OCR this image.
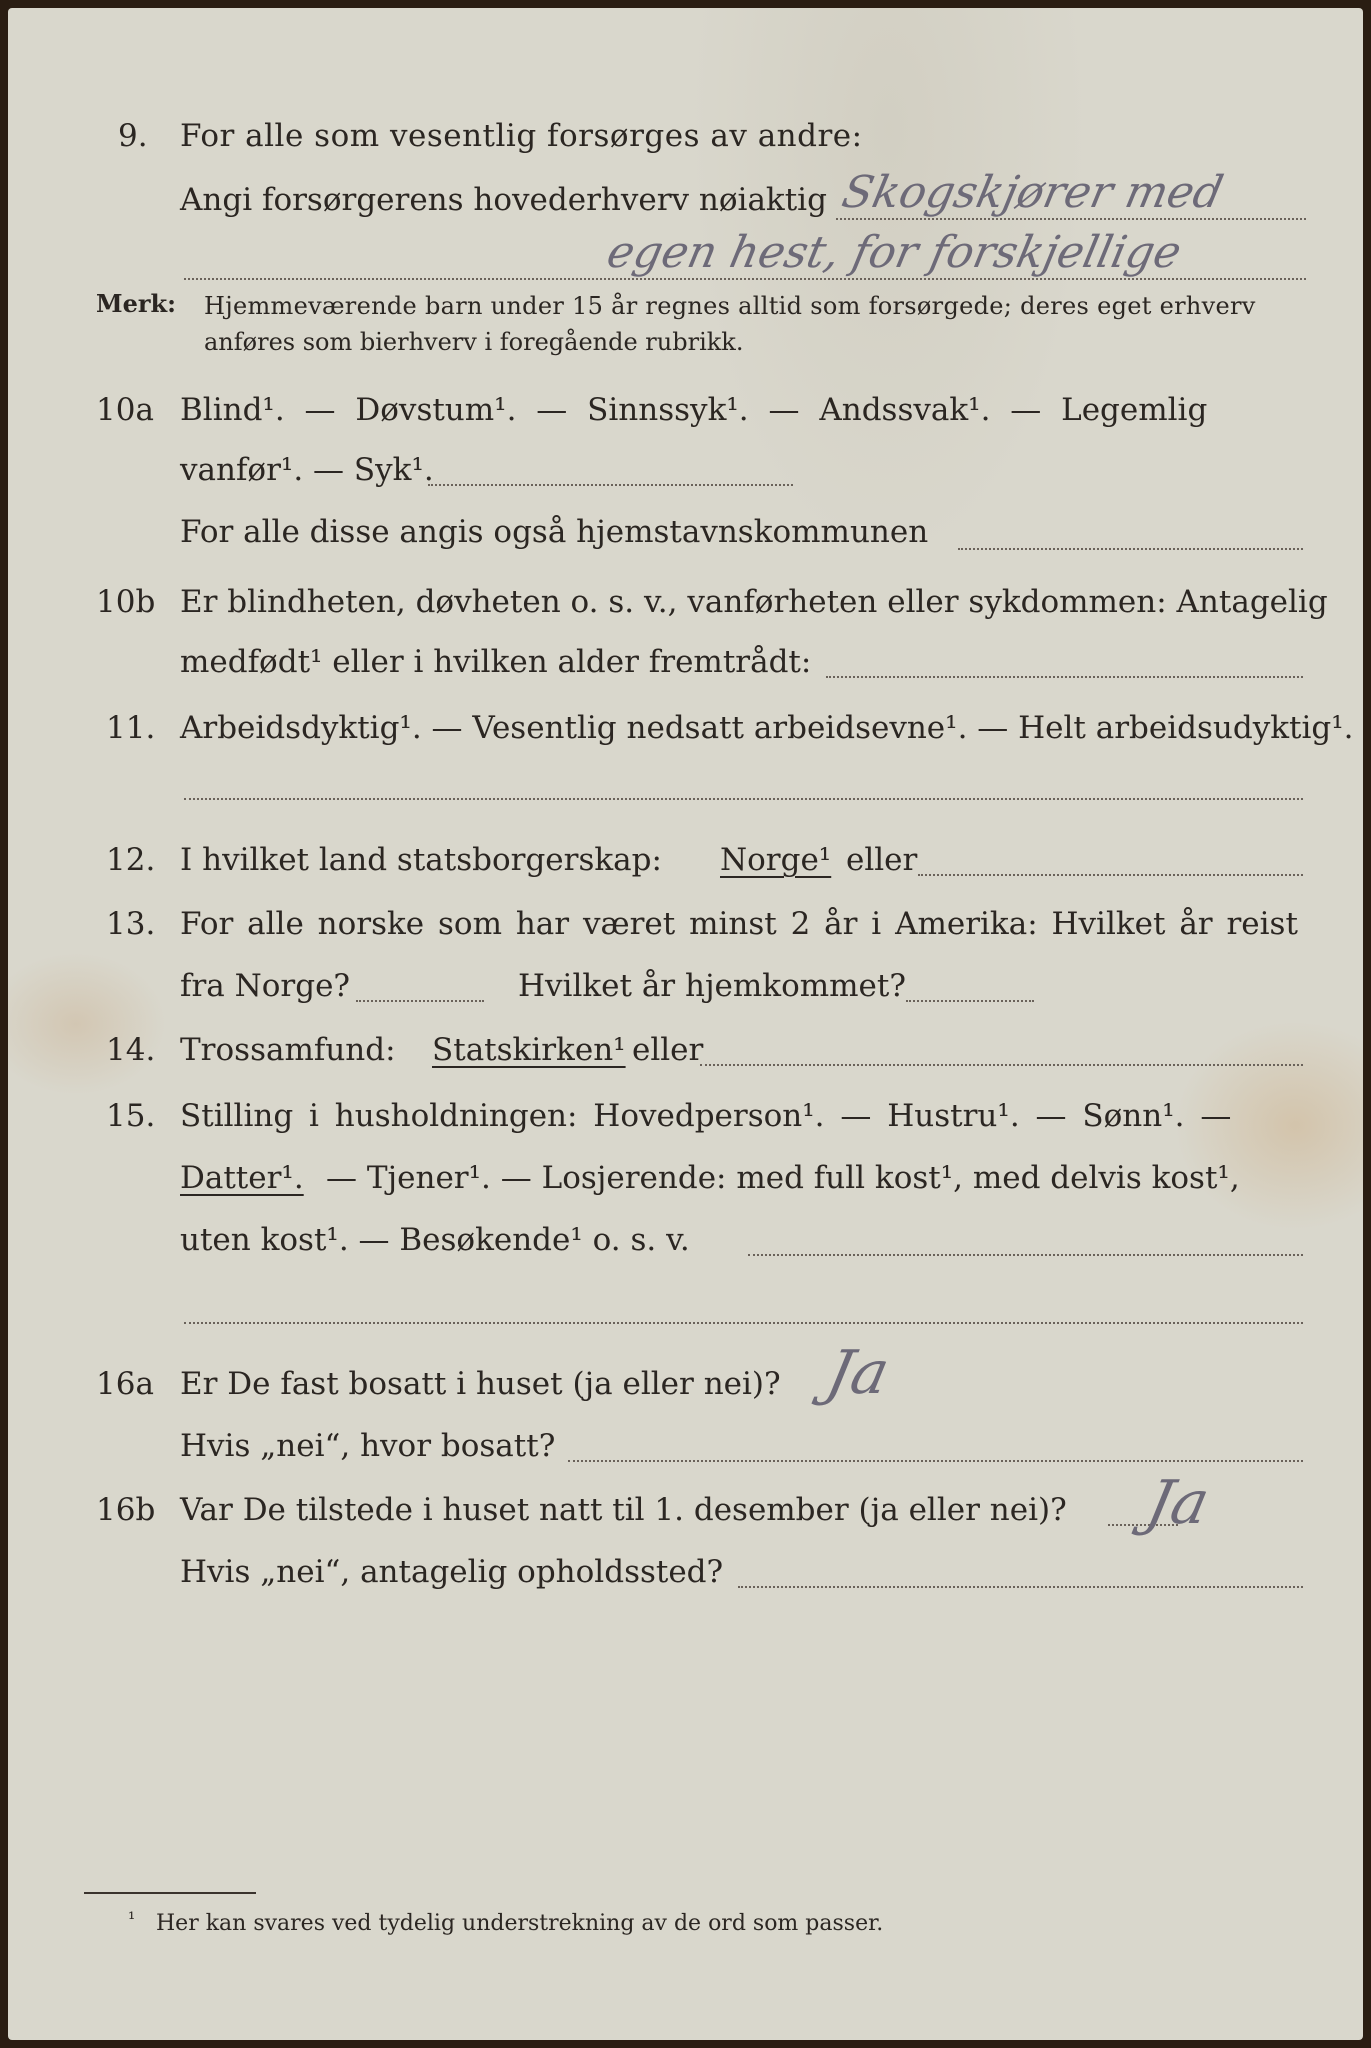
9. For alle som vesentlig forsørges av andre:
Angi forsørgerens hovederhverv nøiaktig Skogskjører med
egen hest, for forskjellige
Merk: Hjemmeværende barn under 15 år regnes alltid som forsørgede; deres eget erhverv
anføres som bierhverv i foregående rubrikk.
10a Blind¹. — Døvstum¹. — Sinnssyk¹. — Andssvak¹. — Legemlig
vanfør¹. — Syk¹.
For alle disse angis også hjemstavnskommunen
10b Er blindheten, døvheten o. s. v., vanførheten eller sykdommen: Antagelig
medfødt¹ eller i hvilken alder fremtrådt:
11. Arbeidsdyktig¹. — Vesentlig nedsatt arbeidsevne¹. — Helt arbeidsudyktig¹.
12. I hvilket land statsborgerskap: Norge¹ eller
13. For alle norske som har været minst 2 år i Amerika: Hvilket år reist
fra Norge?	Hvilket år hjemkommet?
14. Trossamfund: Statskirken¹ eller
15. Stilling i husholdningen: Hovedperson¹. — Hustru¹. — Sønn¹. —
Datter¹. — Tjener¹. — Losjerende: med full kost¹, med delvis kost¹,
uten kost¹. — Besøkende¹ o. s. v.
16a Er De fast bosatt i huset (ja eller nei)? Ja
Hvis „nei“, hvor bosatt?
16b Var De tilstede i huset natt til 1. desember (ja eller nei)? Ja
Hvis „nei“, antagelig opholdssted?
¹ Her kan svares ved tydelig understrekning av de ord som passer.
